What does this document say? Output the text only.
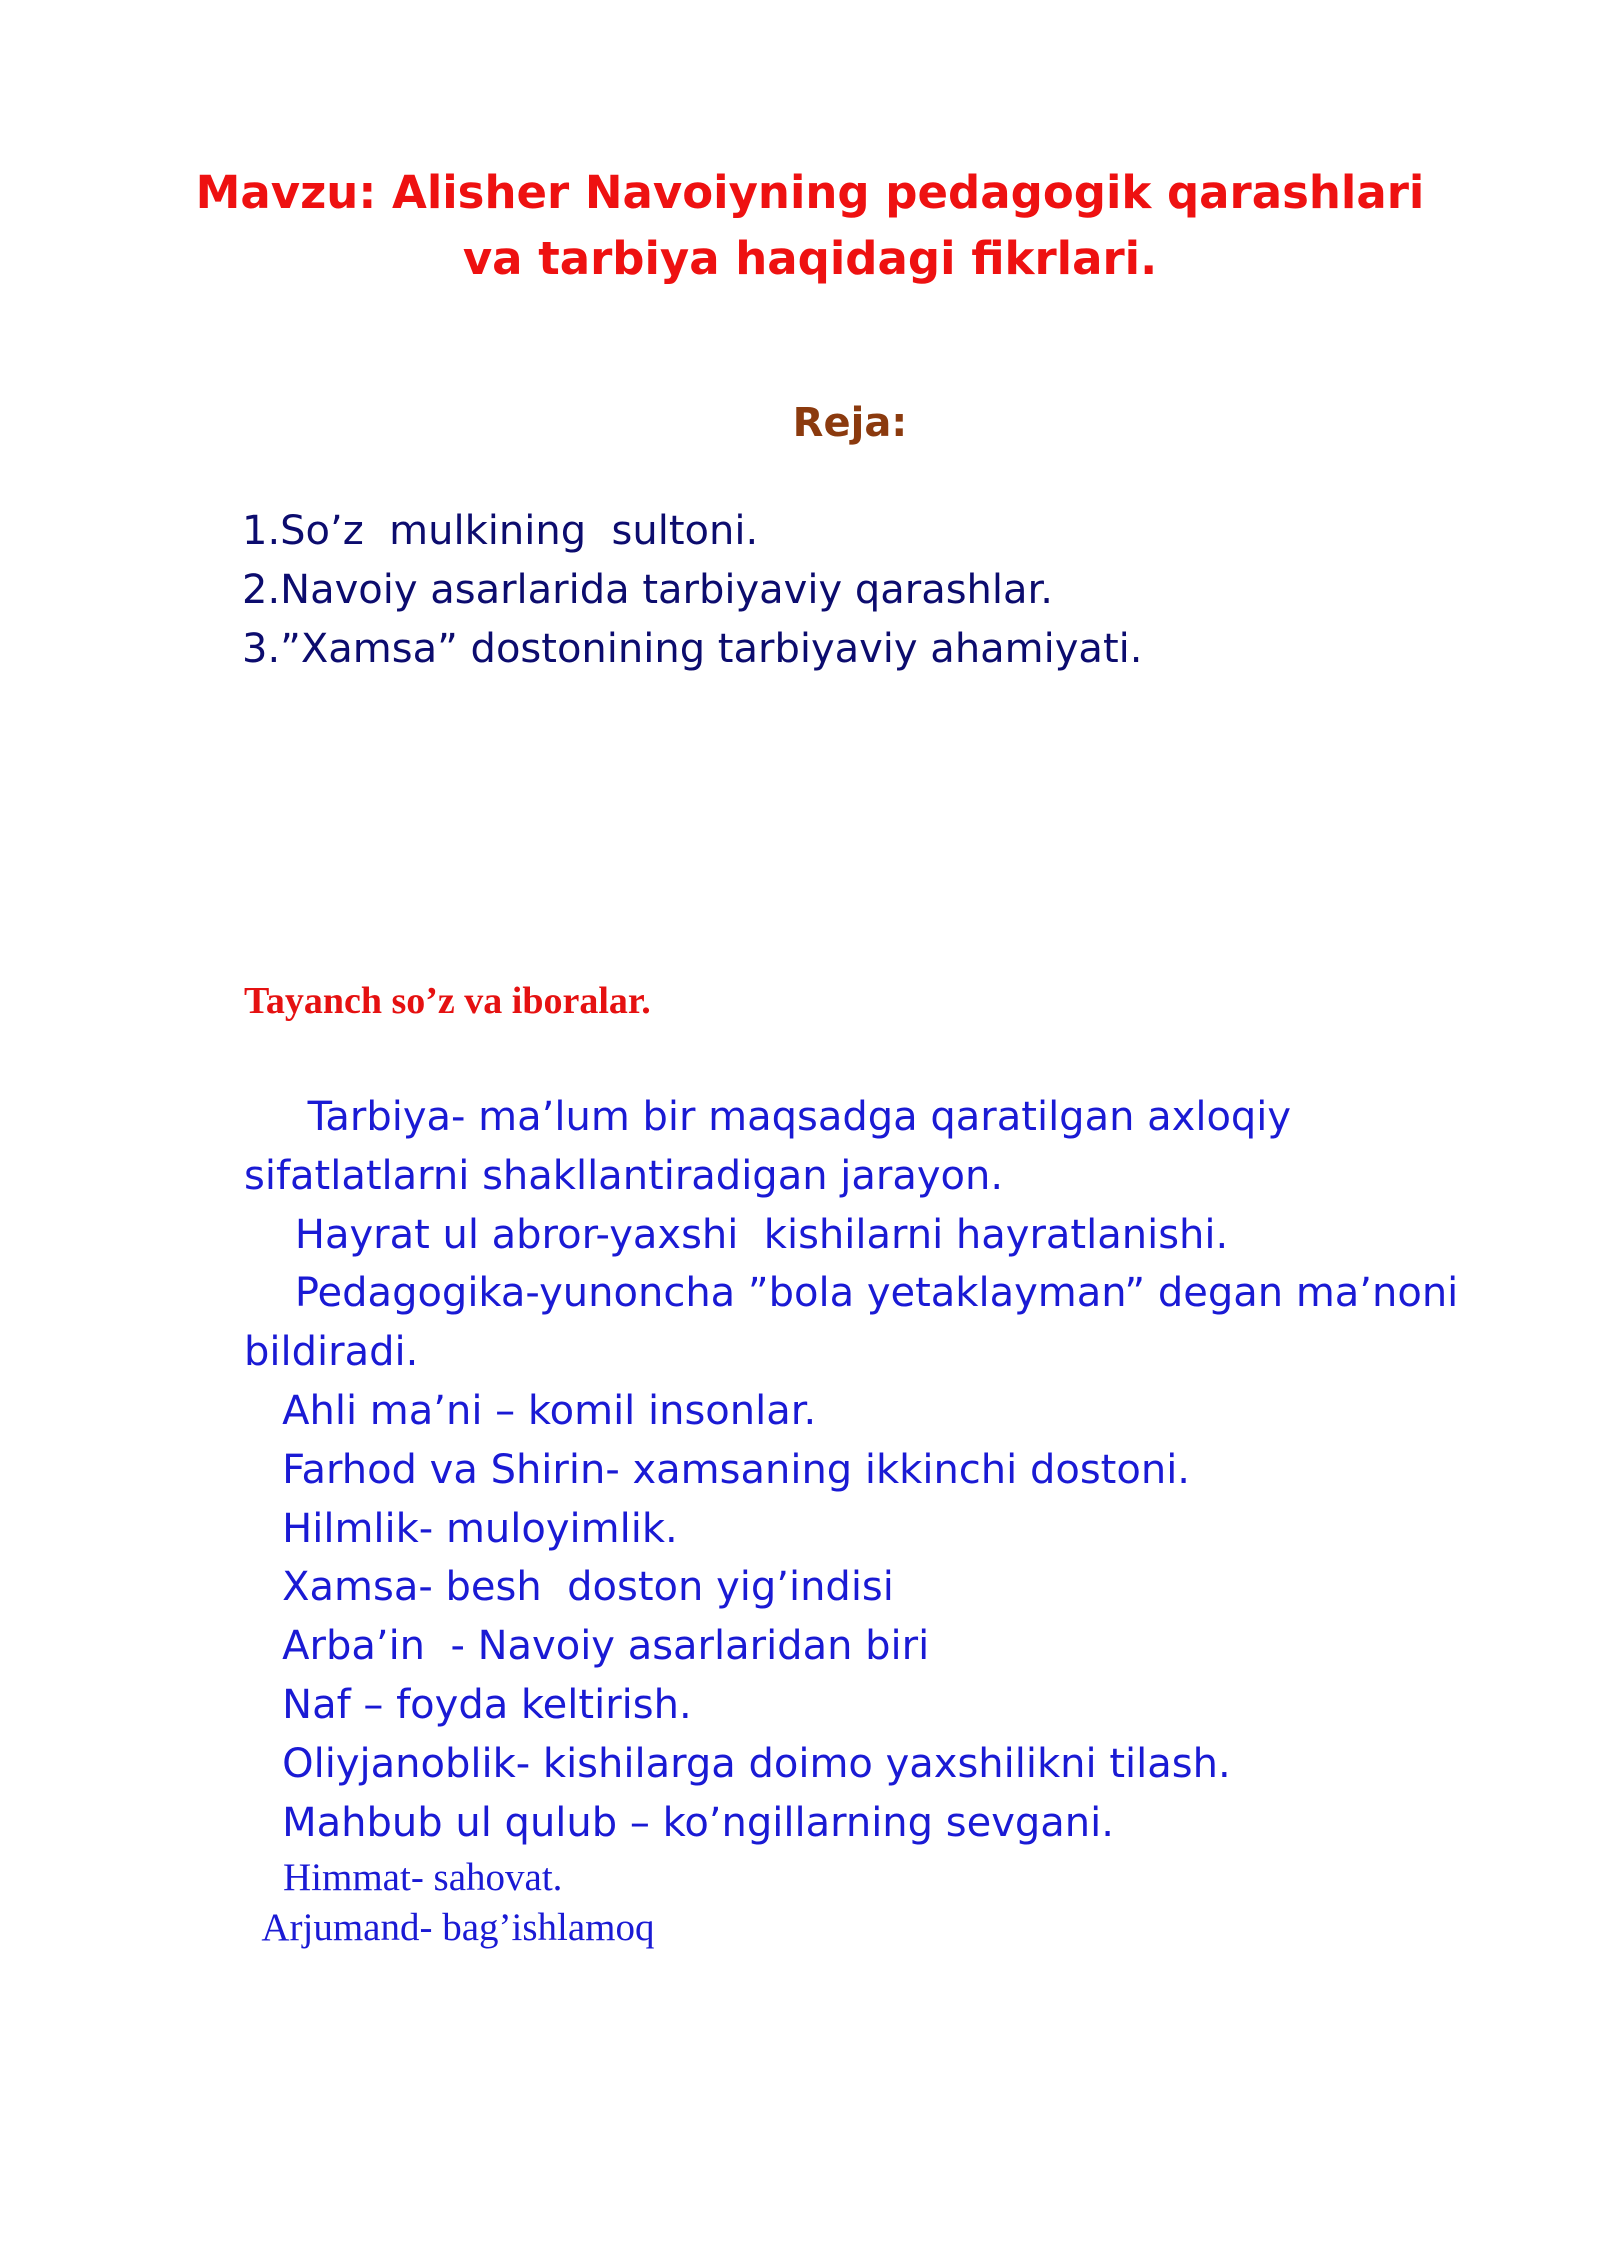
Mavzu: Alisher Navoiyning pedagogik qarashlari
va tarbiya haqidagi fikrlari.
Reja:
1.So’z  mulkining  sultoni.
2.Navoiy asarlarida tarbiyaviy qarashlar.
3.”Xamsa” dostonining tarbiyaviy ahamiyati.
Tayanch so’z va iboralar.
Tarbiya- ma’lum bir maqsadga qaratilgan axloqiy
sifatlatlarni shakllantiradigan jarayon.
Hayrat ul abror-yaxshi  kishilarni hayratlanishi.
Pedagogika-yunoncha ”bola yetaklayman” degan ma’noni
bildiradi.
Ahli ma’ni – komil insonlar.
Farhod va Shirin- xamsaning ikkinchi dostoni.
Hilmlik- muloyimlik.
Xamsa- besh  doston yig’indisi
Arba’in  - Navoiy asarlaridan biri
Naf – foyda keltirish.
Oliyjanoblik- kishilarga doimo yaxshilikni tilash.
Mahbub ul qulub – ko’ngillarning sevgani.
Himmat- sahovat.
Arjumand- bag’ishlamoq
